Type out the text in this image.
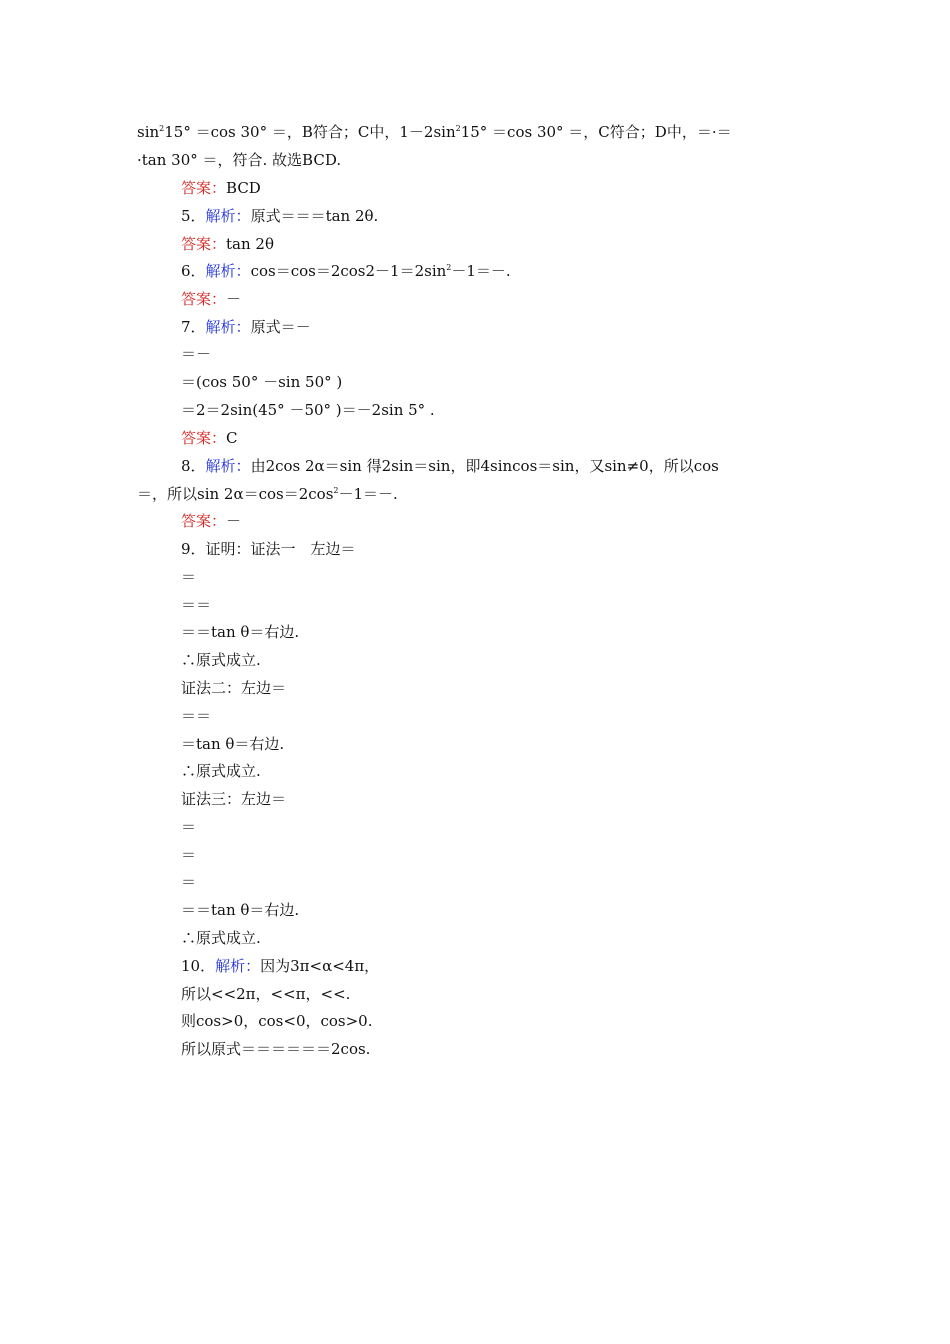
$\sin^215^\circ =\cos$ 30° ＝，B符合；C中，$1-2\sin^215^\circ =\cos$ 30° ＝，C符合；D中，＝·＝
·tan 30° ＝，符合. 故选BCD.
答案：BCD
5．解析：原式＝＝＝tan 2θ.
答案：tan 2θ
6．解析：$\cos=\cos=2\cos 2-1=2\sin^2-1=-$.
答案：－
7．解析：原式＝－
＝－
＝(cos 50° －sin 50° )
＝2＝2sin(45° －50° )＝－2sin 5° .
答案：C
8．解析：由2cos 2α＝sin 得2sin＝sin，即4sincos＝sin，又sin≠0，所以cos
＝，所以$\sin 2\alpha=\cos=2\cos^2-1=-$.
答案：－
9．证明：证法一　左边＝
＝
＝＝
＝＝tan θ＝右边.
∴原式成立.
证法二：左边＝
＝＝
＝tan θ＝右边.
∴原式成立.
证法三：左边＝
＝
＝
＝
＝＝tan θ＝右边.
∴原式成立.
10．解析：因为3π<α<4π，
所以<<2π，<<π，<<.
则cos>0，cos<0，cos>0.
所以原式＝＝＝＝＝＝2cos.
